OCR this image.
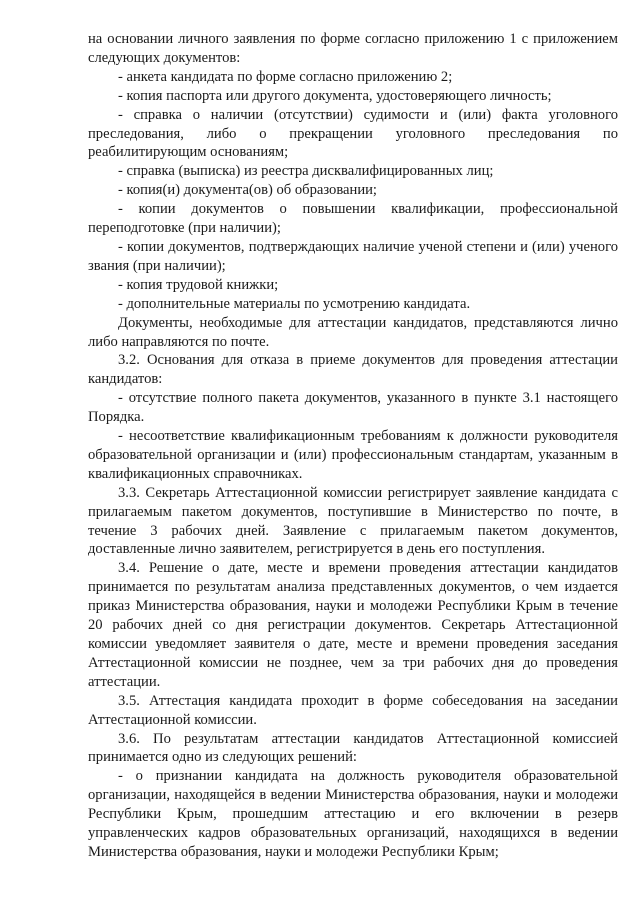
на основании личного заявления по форме согласно приложению 1 с приложением следующих документов:

- анкета кандидата по форме согласно приложению 2;

- копия паспорта или другого документа, удостоверяющего личность;

- справка о наличии (отсутствии) судимости и (или) факта уголовного преследования, либо о прекращении уголовного преследования по реабилитирующим основаниям;

- справка (выписка) из реестра дисквалифицированных лиц;

- копия(и) документа(ов) об образовании;

- копии документов о повышении квалификации, профессиональной переподготовке (при наличии);

- копии документов, подтверждающих наличие ученой степени и (или) ученого звания (при наличии);

- копия трудовой книжки;

- дополнительные материалы по усмотрению кандидата.

Документы, необходимые для аттестации кандидатов, представляются лично либо направляются по почте.

3.2. Основания для отказа в приеме документов для проведения аттестации кандидатов:

- отсутствие полного пакета документов, указанного в пункте 3.1 настоящего Порядка.

- несоответствие квалификационным требованиям к должности руководителя образовательной организации и (или) профессиональным стандартам, указанным в квалификационных справочниках.

3.3. Секретарь Аттестационной комиссии регистрирует заявление кандидата с прилагаемым пакетом документов, поступившие в Министерство по почте, в течение 3 рабочих дней. Заявление с прилагаемым пакетом документов, доставленные лично заявителем, регистрируется в день его поступления.

3.4. Решение о дате, месте и времени проведения аттестации кандидатов принимается по результатам анализа представленных документов, о чем издается приказ Министерства образования, науки и молодежи Республики Крым в течение 20 рабочих дней со дня регистрации документов. Секретарь Аттестационной комиссии уведомляет заявителя о дате, месте и времени проведения заседания Аттестационной комиссии не позднее, чем за три рабочих дня до проведения аттестации.

3.5. Аттестация кандидата проходит в форме собеседования на заседании Аттестационной комиссии.

3.6. По результатам аттестации кандидатов Аттестационной комиссией принимается одно из следующих решений:

- о признании кандидата на должность руководителя образовательной организации, находящейся в ведении Министерства образования, науки и молодежи Республики Крым, прошедшим аттестацию и его включении в резерв управленческих кадров образовательных организаций, находящихся в ведении Министерства образования, науки и молодежи Республики Крым;
